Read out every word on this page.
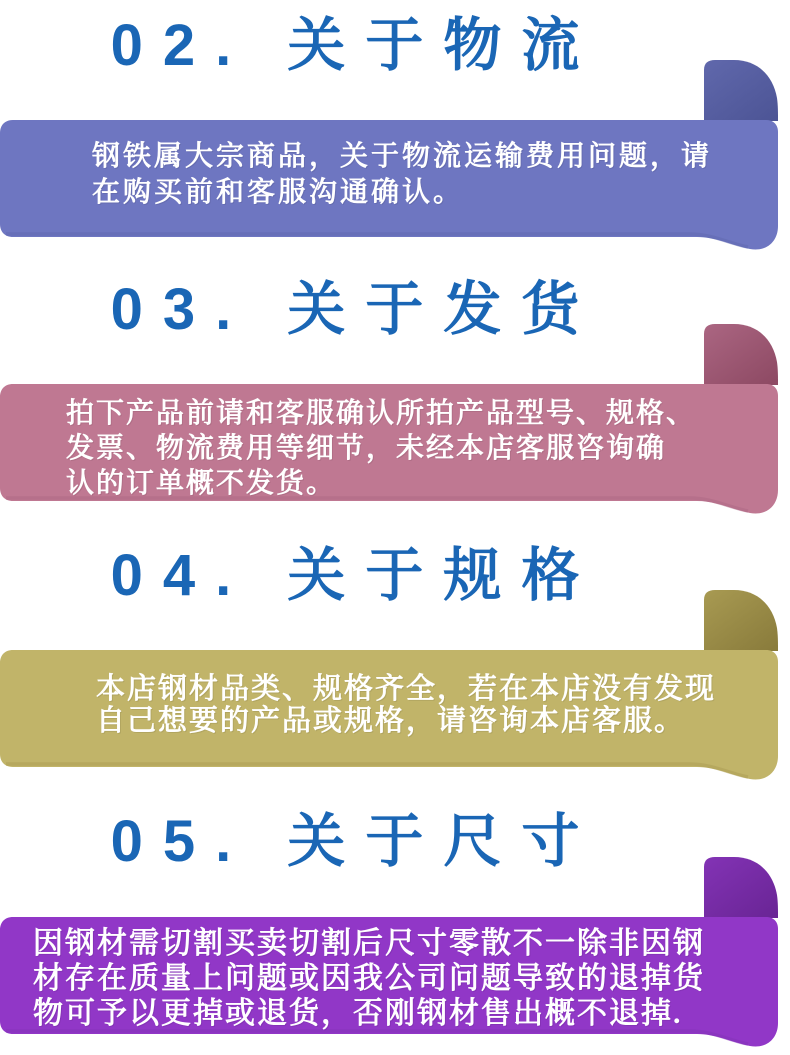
02. 关于物流
钢铁属大宗商品，关于物流运输费用问题，请
在购买前和客服沟通确认。
03. 关于发货
拍下产品前请和客服确认所拍产品型号、规格、
发票、物流费用等细节，未经本店客服咨询确
认的订单概不发货。
04. 关于规格
本店钢材品类、规格齐全，若在本店没有发现
自己想要的产品或规格，请咨询本店客服。
05. 关于尺寸
因钢材需切割买卖切割后尺寸零散不一除非因钢
材存在质量上问题或因我公司问题导致的退掉货
物可予以更掉或退货，否刚钢材售出概不退掉.
